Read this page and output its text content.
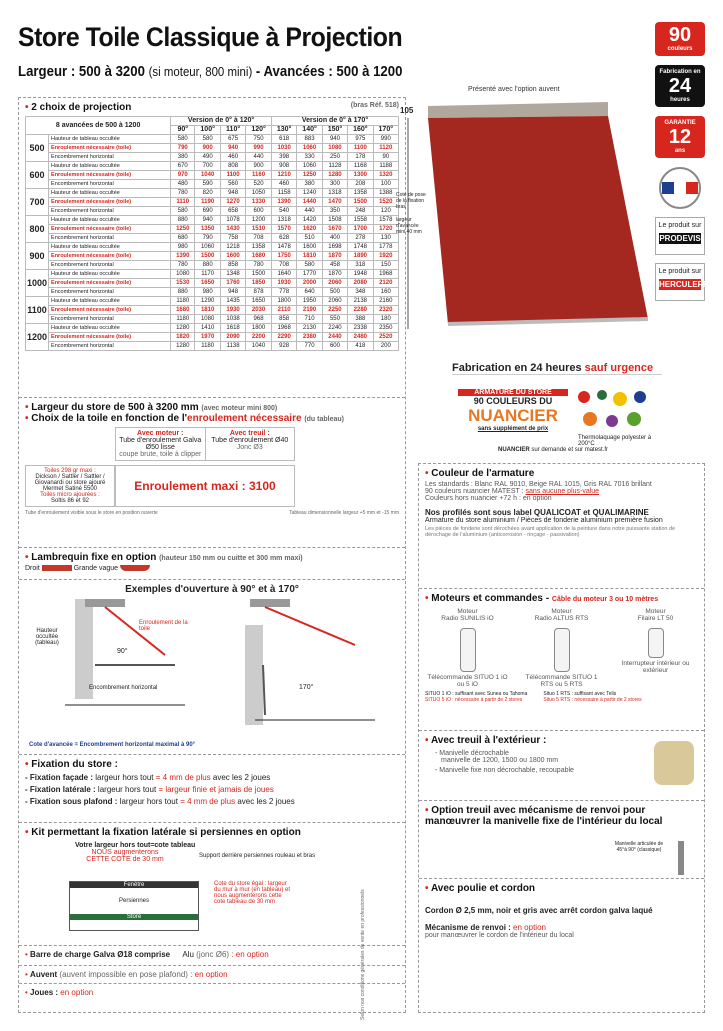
Store Toile Classique à Projection
Largeur : 500 à 3200 (si moteur, 800 mini) - Avancées : 500 à 1200
90
couleurs
Fabrication en
24
heures
GARANTIE
12
ans
Le produit sur
PRODEVIS
Le produit sur
HERCULEPRO
• 2 choix de projection	(bras Réf. 518)
8 avancées de 500 à 1200		Version de 0° à 120°				Version de 0° à 170°				
		90°	100°	110°	120°	130°	140°	150°	160°	170°
500	Hauteur de tableau occultée	580	580	675	750	618	883	940	975	990
	Enroulement nécessaire (toile)	790	900	940	990	1030	1060	1080	1100	1120
	Encombrement horizontal	380	490	460	440	398	330	250	178	90
600	Hauteur de tableau occultée	670	700	808	900	908	1060	1128	1168	1188
	Enroulement nécessaire (toile)	970	1040	1100	1160	1210	1250	1280	1300	1320
	Encombrement horizontal	480	590	560	520	460	380	300	208	100
700	Hauteur de tableau occultée	780	820	948	1050	1158	1240	1318	1358	1388
	Enroulement nécessaire (toile)	1110	1190	1270	1330	1390	1440	1470	1500	1520
	Encombrement horizontal	580	690	658	600	540	440	350	248	120
800	Hauteur de tableau occultée	880	940	1078	1200	1318	1420	1508	1558	1578
	Enroulement nécessaire (toile)	1250	1350	1430	1510	1570	1620	1670	1700	1720
	Encombrement horizontal	680	790	758	708	628	510	400	278	130
900	Hauteur de tableau occultée	980	1060	1218	1358	1478	1600	1698	1748	1778
	Enroulement nécessaire (toile)	1390	1500	1600	1680	1750	1810	1870	1890	1920
	Encombrement horizontal	780	880	858	780	708	580	458	318	150
1000	Hauteur de tableau occultée	1080	1170	1348	1500	1640	1770	1870	1948	1968
	Enroulement nécessaire (toile)	1530	1650	1760	1850	1930	2000	2060	2080	2120
	Encombrement horizontal	880	980	948	878	778	640	500	348	160
1100	Hauteur de tableau occultée	1180	1290	1435	1650	1800	1950	2060	2138	2160
	Enroulement nécessaire (toile)	1680	1810	1930	2030	2110	2190	2250	2280	2320
	Encombrement horizontal	1180	1080	1038	968	858	710	550	388	180
1200	Hauteur de tableau occultée	1280	1410	1618	1800	1968	2130	2240	2338	2350
	Enroulement nécessaire (toile)	1820	1970	2090	2200	2290	2380	2440	2480	2520
	Encombrement horizontal	1280	1180	1138	1040	928	770	600	418	200
• Largeur du store de 500 à 3200 mm (avec moteur mini 800)
• Choix de la toile en fonction de l'enroulement nécessaire (du tableau)
Avec moteur :
Tube d'enroulement Galva Ø50 lisse
coupe brute, toile à clipper
Avec treuil :
Tube d'enroulement Ø40
Jonc Ø3
Toiles 298 gr maxi :
Dickson / Sattler / Sattler / Giovanardi ou store ajouré Mermet Satiné 5500
Toiles micro ajourées :
Soltis 86 et 92
Enroulement maxi : 3100
Tube d'enroulement visible sous le store en position ouverte	Tableau dimensionnelle largeur +5 mm et -15 mm
• Lambrequin fixe en option (hauteur 150 mm ou cuitte et 300 mm maxi)
Droit	Grande vague
Exemples d'ouverture à 90° et à 170°
Hauteur occultée (tableau)
Enroulement de la toile
90°
170°
Encombrement horizontal
Cote d'avancée = Encombrement horizontal maximal à 90°
• Fixation du store :
- Fixation façade : largeur hors tout = 4 mm de plus avec les 2 joues
- Fixation latérale : largeur hors tout = largeur finie et jamais de joues
- Fixation sous plafond : largeur hors tout = 4 mm de plus avec les 2 joues
• Kit permettant la fixation latérale si persiennes en option
Votre largeur hors tout=cote tableau
NOUS augmenterons CETTE COTE de 30 mm	Support derrière persiennes rouleau et bras
Fenêtre
Persiennes
Store
Cote du store égal : largeur du mur à mur (en tableau) et nous augmenterons cette cote tableau de 30 mm
• Barre de charge Galva Ø18 comprise Alu (jonc Ø6) : en option
• Auvent (auvent impossible en pose plafond) : en option
• Joues : en option	Selon nos conditions générales de vente en professionnels
Présenté avec l'option auvent
105
Cote de pose de la fixation bras
largeur d'avancée mini 40 mm
Fabrication en 24 heures sauf urgence
ARMATURE DU STORE
90 COULEURS DU
NUANCIER
sans supplément de prix
Thermolaquage polyester à 200°C
NUANCIER sur demande et sur matest.fr
• Couleur de l'armature
Les standards : Blanc RAL 9010, Beige RAL 1015, Gris RAL 7016 brillant
90 couleurs nuancier MATEST : sans aucune plus-value
Couleurs hors nuancier +72 h : en option
Nos profilés sont sous label QUALICOAT et QUALIMARINE
Armature du store aluminium / Pièces de fonderie aluminium première fusion
Les pièces de fonderie sont dérochées avant application de la peinture dans notre puissante station de dérochage de l'aluminium (anticorrosion - rinçage - passivation)
• Moteurs et commandes - Câble du moteur 3 ou 10 mètres
Moteur
Radio SUNILIS iO
Télécommande SITUO 1 iO ou 5 iO
Moteur
Radio ALTUS RTS
Télécommande SITUO 1 RTS ou 5 RTS
Moteur
Filaire LT 50
Interrupteur intérieur ou extérieur
SITUO 1 iO : suffisant avec Sunea ou Tahoma
SITUO 5 iO : nécessaire à partir de 2 stores
Situo 1 RTS : suffisant avec Telis
Situo 5 RTS : nécessaire à partir de 2 stores
• Avec treuil à l'extérieur :
- Manivelle décrochable
manivelle de 1200, 1500 ou 1800 mm
- Manivelle fixe non décrochable, recoupable
• Option treuil avec mécanisme de renvoi pour manœuvrer la manivelle fixe de l'intérieur du local
Manivelle articulée de 45°à 90° (classique)
• Avec poulie et cordon
Cordon Ø 2,5 mm, noir et gris avec arrêt cordon galva laqué
Mécanisme de renvoi : en option
pour manœuvrer le cordon de l'intérieur du local
